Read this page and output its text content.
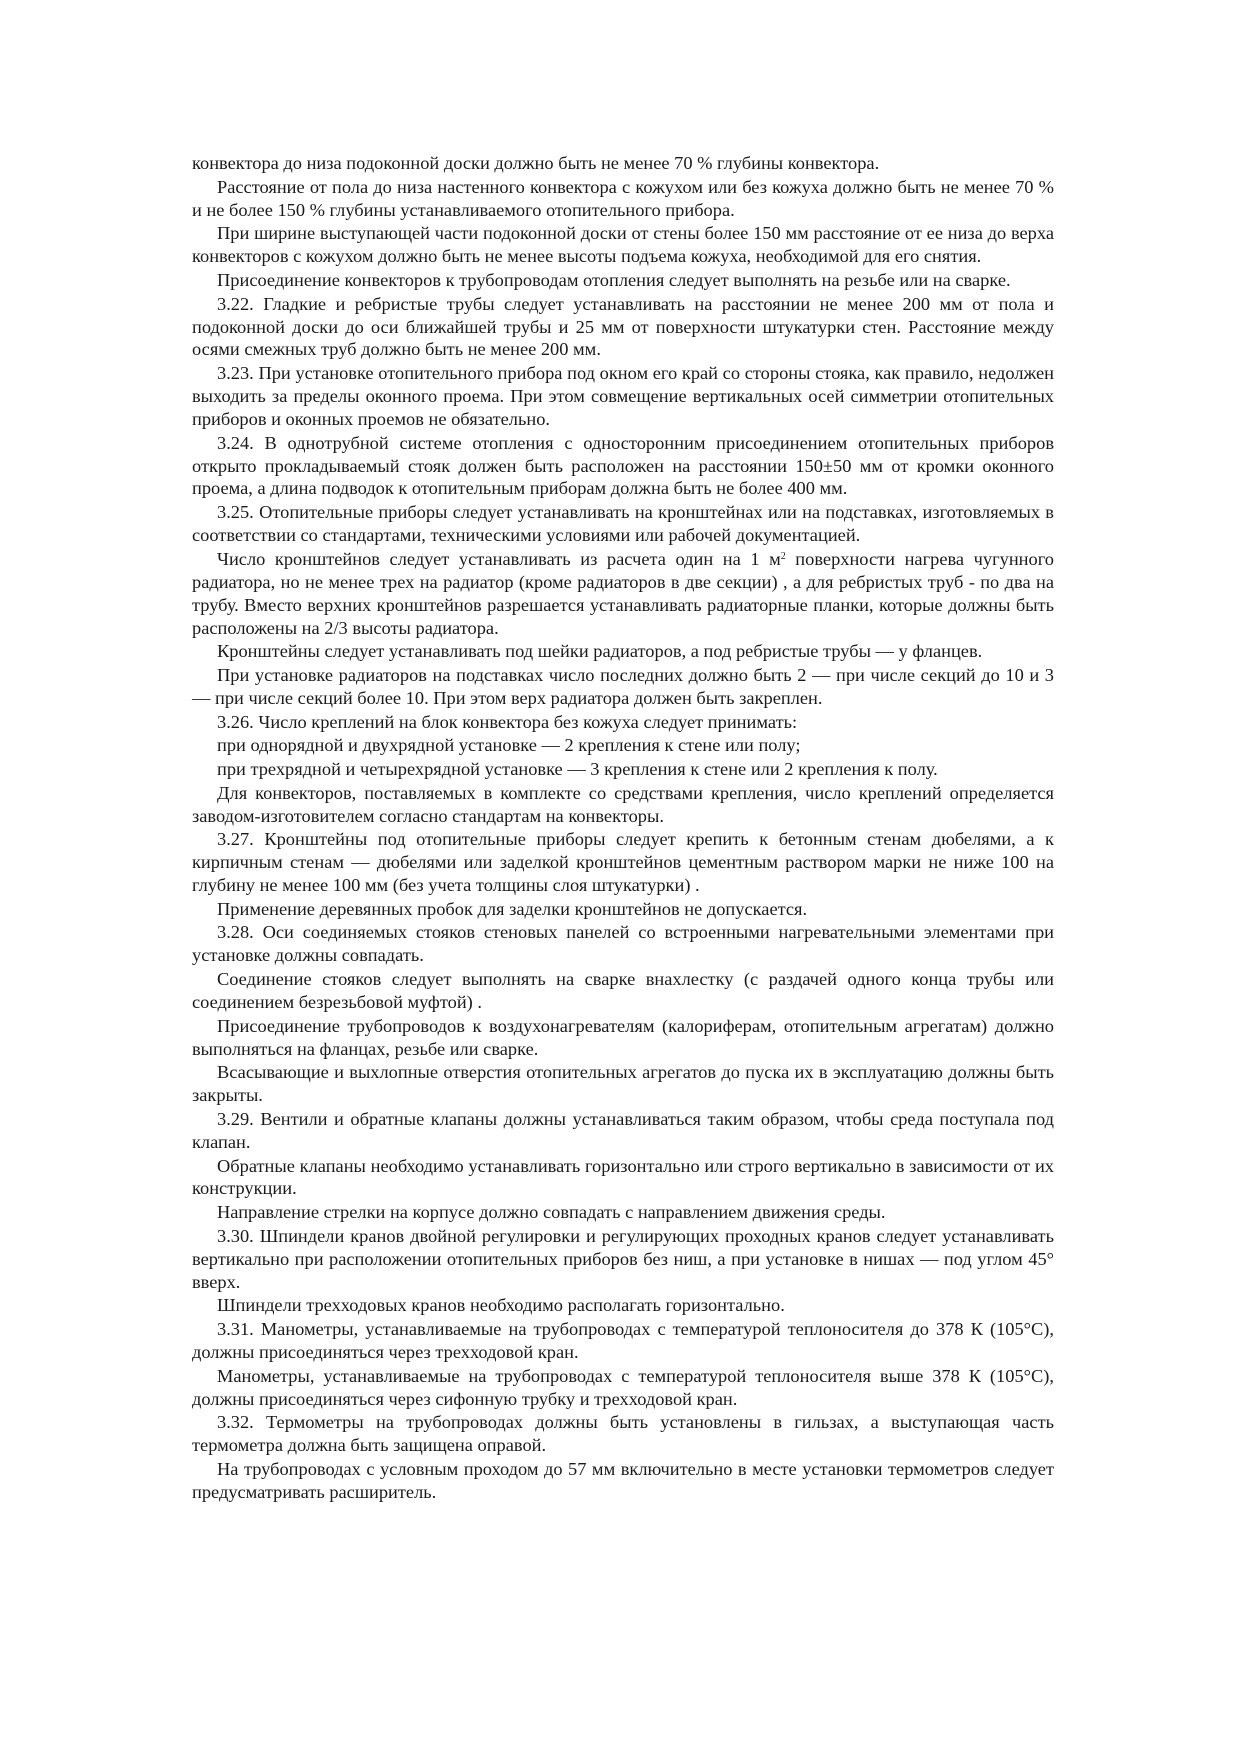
конвектора до низа подоконной доски должно быть не менее 70 % глубины конвектора.

Расстояние от пола до низа настенного конвектора с кожухом или без кожуха должно быть не менее 70 % и не более 150 % глубины устанавливаемого отопительного прибора.

При ширине выступающей части подоконной доски от стены более 150 мм расстояние от ее низа до верха конвекторов с кожухом должно быть не менее высоты подъема кожуха, необходимой для его снятия.

Присоединение конвекторов к трубопроводам отопления следует выполнять на резьбе или на сварке.

3.22. Гладкие и ребристые трубы следует устанавливать на расстоянии не менее 200 мм от пола и подоконной доски до оси ближайшей трубы и 25 мм от поверхности штукатурки стен. Расстояние между осями смежных труб должно быть не менее 200 мм.

3.23. При установке отопительного прибора под окном его край со стороны стояка, как правило, недолжен выходить за пределы оконного проема. При этом совмещение вертикальных осей симметрии отопительных приборов и оконных проемов не обязательно.

3.24. В однотрубной системе отопления с односторонним присоединением отопительных приборов открыто прокладываемый стояк должен быть расположен на расстоянии 150±50 мм от кромки оконного проема, а длина подводок к отопительным приборам должна быть не более 400 мм.

3.25. Отопительные приборы следует устанавливать на кронштейнах или на подставках, изготовляемых в соответствии со стандартами, техническими условиями или рабочей документацией.

Число кронштейнов следует устанавливать из расчета один на 1 $м^2$ поверхности нагрева чугунного радиатора, но не менее трех на радиатор (кроме радиаторов в две секции) , а для ребристых труб - по два на трубу. Вместо верхних кронштейнов разрешается устанавливать радиаторные планки, которые должны быть расположены на 2/3 высоты радиатора.

Кронштейны следует устанавливать под шейки радиаторов, а под ребристые трубы — у фланцев.

При установке радиаторов на подставках число последних должно быть 2 — при числе секций до 10 и 3— при числе секций более 10. При этом верх радиатора должен быть закреплен.

3.26. Число креплений на блок конвектора без кожуха следует принимать:

при однорядной и двухрядной установке — 2 крепления к стене или полу;

при трехрядной и четырехрядной установке — 3 крепления к стене или 2 крепления к полу.

Для конвекторов, поставляемых в комплекте со средствами крепления, число креплений определяется заводом-изготовителем согласно стандартам на конвекторы.

3.27. Кронштейны под отопительные приборы следует крепить к бетонным стенам дюбелями, а к кирпичным стенам — дюбелями или заделкой кронштейнов цементным раствором марки не ниже 100 на глубину не менее 100 мм (без учета толщины слоя штукатурки) .

Применение деревянных пробок для заделки кронштейнов не допускается.

3.28. Оси соединяемых стояков стеновых панелей со встроенными нагревательными элементами при установке должны совпадать.

Соединение стояков следует выполнять на сварке внахлестку (с раздачей одного конца трубы или соединением безрезьбовой муфтой) .

Присоединение трубопроводов к воздухонагревателям (калориферам, отопительным агрегатам) должно выполняться на фланцах, резьбе или сварке.

Всасывающие и выхлопные отверстия отопительных агрегатов до пуска их в эксплуатацию должны быть закрыты.

3.29. Вентили и обратные клапаны должны устанавливаться таким образом, чтобы среда поступала под клапан.

Обратные клапаны необходимо устанавливать горизонтально или строго вертикально в зависимости от их конструкции.

Направление стрелки на корпусе должно совпадать с направлением движения среды.

3.30. Шпиндели кранов двойной регулировки и регулирующих проходных кранов следует устанавливать вертикально при расположении отопительных приборов без ниш, а при установке в нишах — под углом 45° вверх.

Шпиндели трехходовых кранов необходимо располагать горизонтально.

3.31. Манометры, устанавливаемые на трубопроводах с температурой теплоносителя до 378 К (105°С), должны присоединяться через трехходовой кран.

Манометры, устанавливаемые на трубопроводах с температурой теплоносителя выше 378 К (105°С), должны присоединяться через сифонную трубку и трехходовой кран.

3.32. Термометры на трубопроводах должны быть установлены в гильзах, а выступающая часть термометра должна быть защищена оправой.

На трубопроводах с условным проходом до 57 мм включительно в месте установки термометров следует предусматривать расширитель.
